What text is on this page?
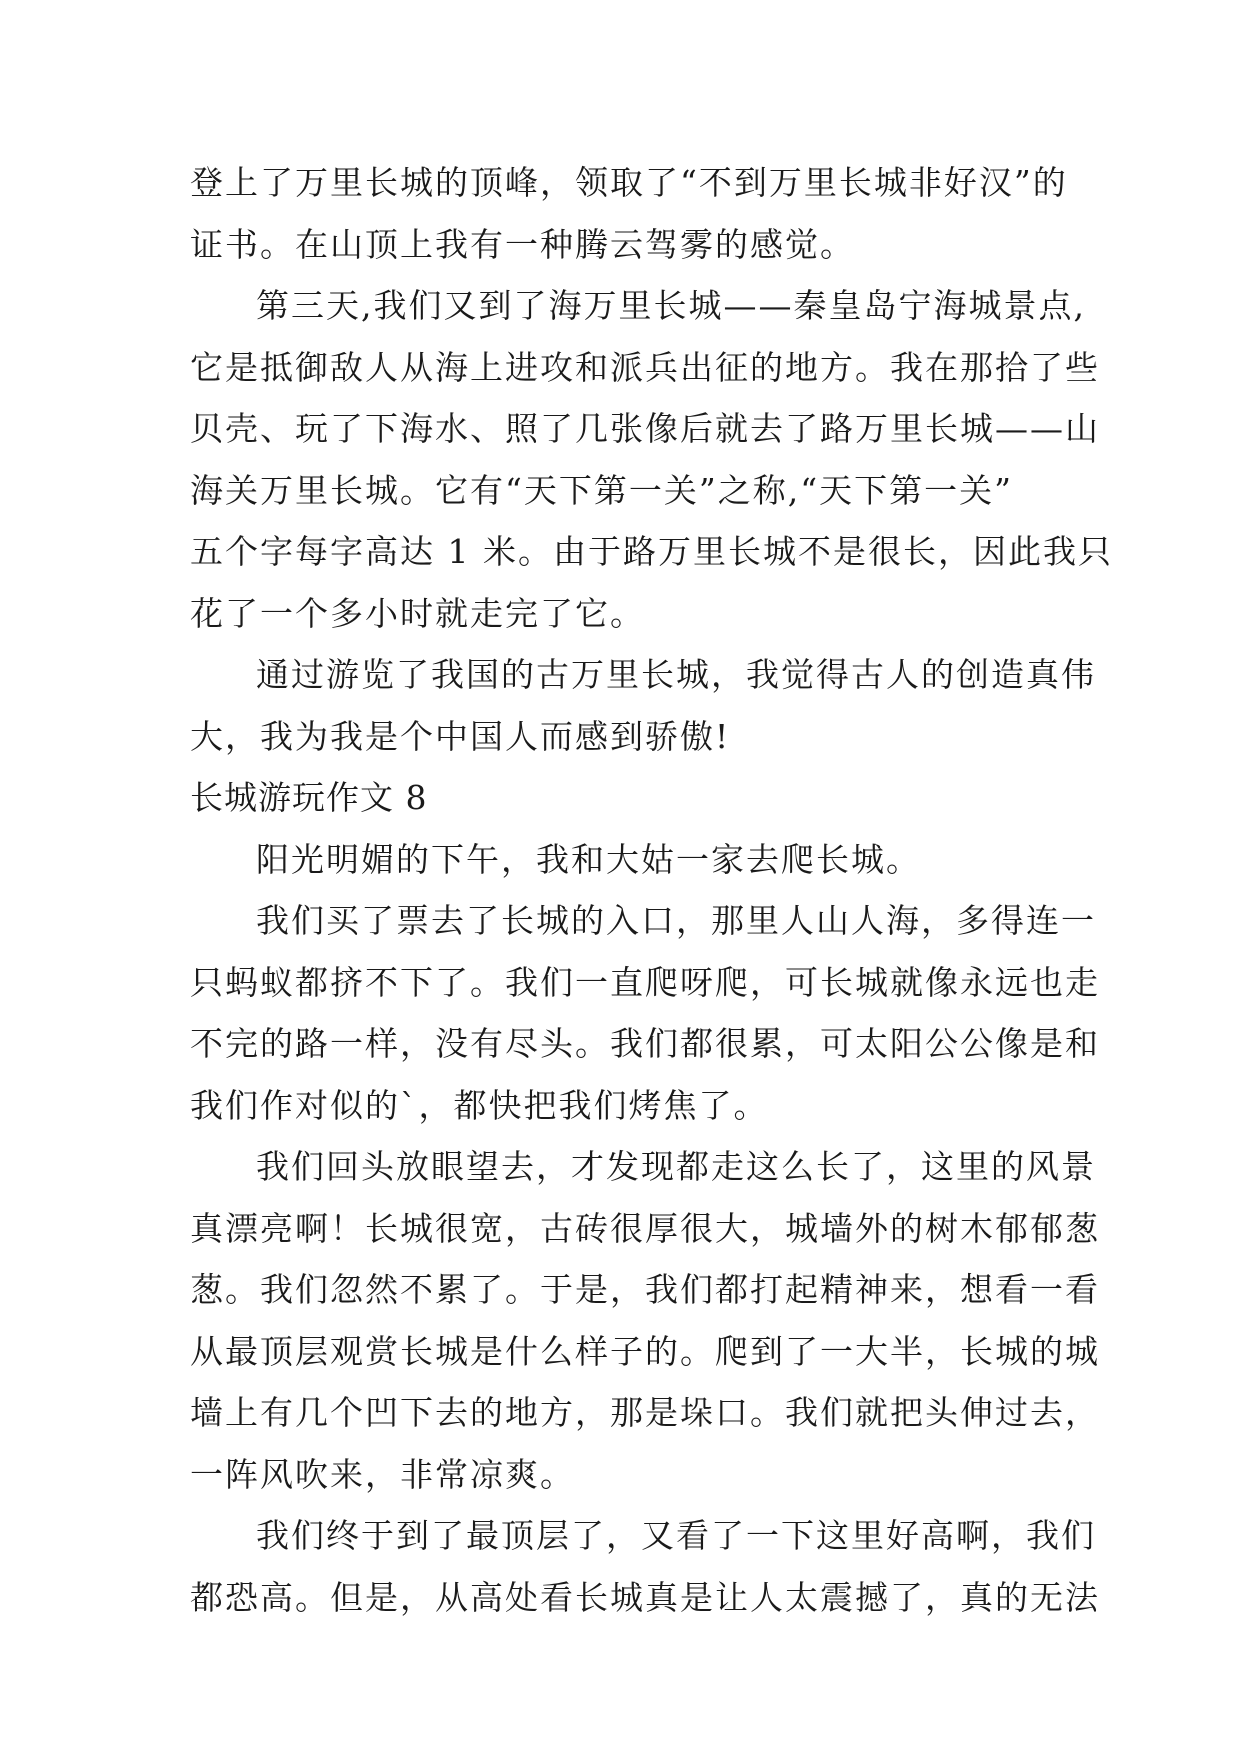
登上了万里长城的顶峰，领取了“不到万里长城非好汉”的
证书。在山顶上我有一种腾云驾雾的感觉。
第三天,我们又到了海万里长城——秦皇岛宁海城景点,
它是抵御敌人从海上进攻和派兵出征的地方。我在那拾了些
贝壳、玩了下海水、照了几张像后就去了路万里长城——山
海关万里长城。它有“天下第一关”之称,“天下第一关”
五个字每字高达 1 米。由于路万里长城不是很长，因此我只
花了一个多小时就走完了它。
通过游览了我国的古万里长城，我觉得古人的创造真伟
大，我为我是个中国人而感到骄傲!
长城游玩作文 8
阳光明媚的下午，我和大姑一家去爬长城。
我们买了票去了长城的入口，那里人山人海，多得连一
只蚂蚁都挤不下了。我们一直爬呀爬，可长城就像永远也走
不完的路一样，没有尽头。我们都很累，可太阳公公像是和
我们作对似的`，都快把我们烤焦了。
我们回头放眼望去，才发现都走这么长了，这里的风景
真漂亮啊！长城很宽，古砖很厚很大，城墙外的树木郁郁葱
葱。我们忽然不累了。于是，我们都打起精神来，想看一看
从最顶层观赏长城是什么样子的。爬到了一大半，长城的城
墙上有几个凹下去的地方，那是垛口。我们就把头伸过去，
一阵风吹来，非常凉爽。
我们终于到了最顶层了，又看了一下这里好高啊，我们
都恐高。但是，从高处看长城真是让人太震撼了，真的无法
